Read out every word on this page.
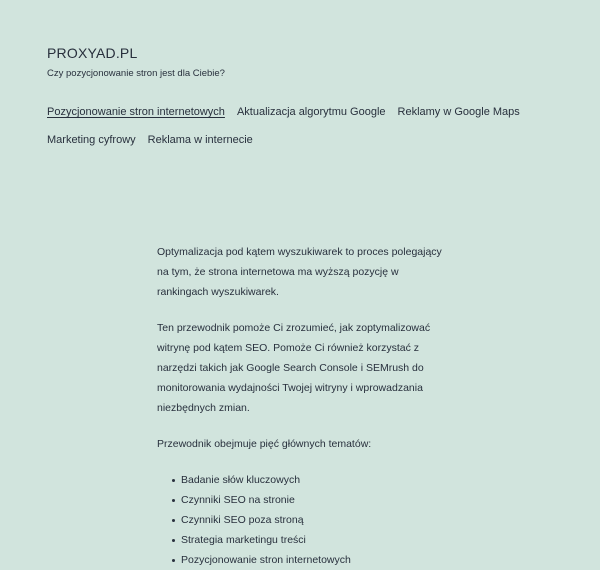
PROXYAD.PL

Czy pozycjonowanie stron jest dla Ciebie?

Pozycjonowanie stron internetowych Aktualizacja algorytmu Google Reklamy w Google Maps
Marketing cyfrowy Reklama w internecie

Optymalizacja pod kątem wyszukiwarek to proces polegający na tym, że strona internetowa ma wyższą pozycję w rankingach wyszukiwarek.

Ten przewodnik pomoże Ci zrozumieć, jak zoptymalizować witrynę pod kątem SEO. Pomoże Ci również korzystać z narzędzi takich jak Google Search Console i SEMrush do monitorowania wydajności Twojej witryny i wprowadzania niezbędnych zmian.

Przewodnik obejmuje pięć głównych tematów:

Badanie słów kluczowych
Czynniki SEO na stronie
Czynniki SEO poza stroną
Strategia marketingu treści
Pozycjonowanie stron internetowych
